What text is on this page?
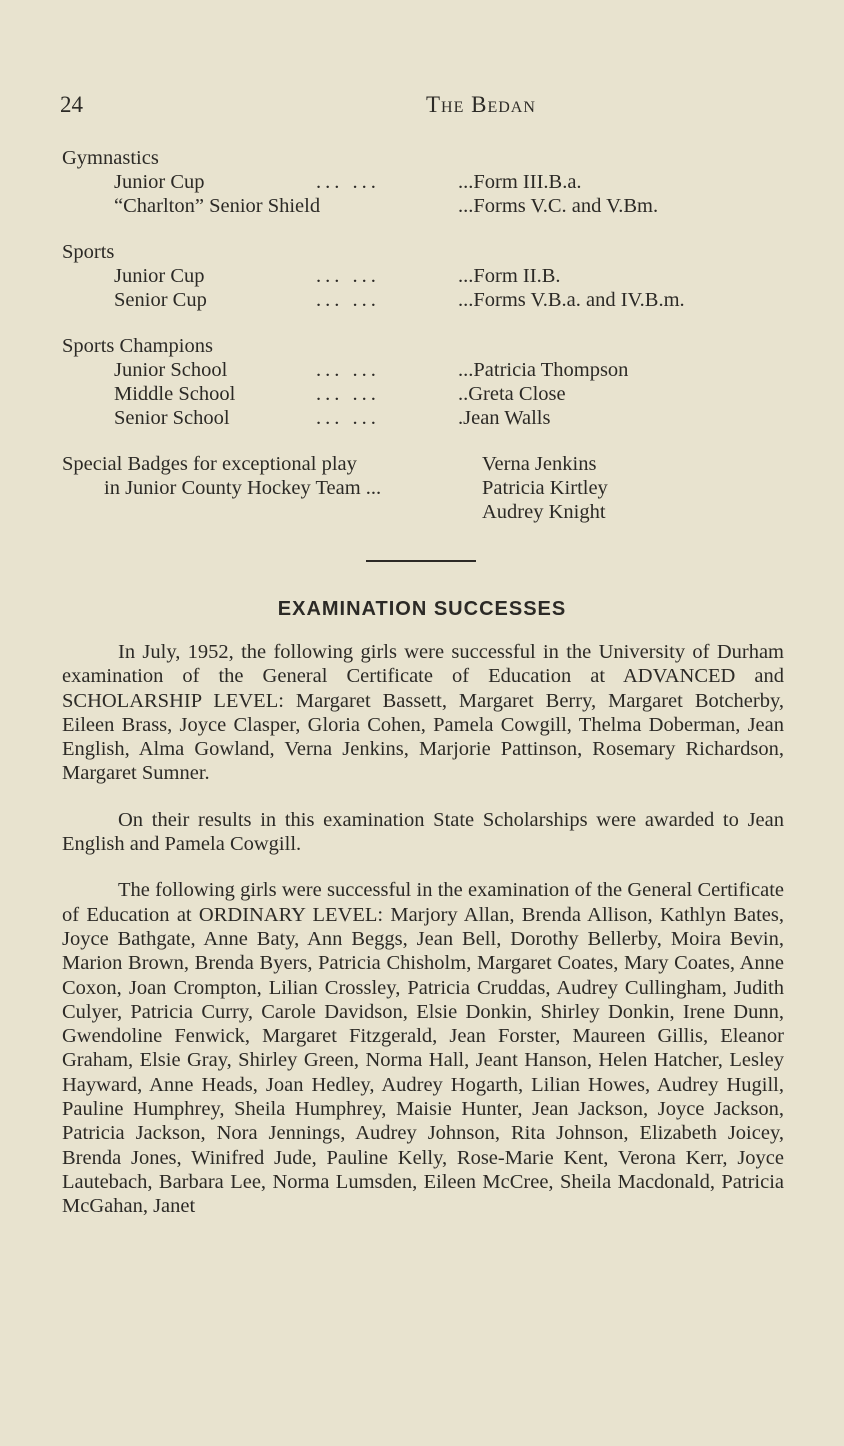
24	The Bedan
Gymnastics
Junior Cup	... ...	...Form III.B.a.
“Charlton” Senior Shield	...Forms V.C. and V.Bm.
Sports
Junior Cup	... ...	...Form II.B.
Senior Cup	... ...	...Forms V.B.a. and IV.B.m.
Sports Champions
Junior School	... ...	...Patricia Thompson
Middle School	... ...	..Greta Close
Senior School	... ...	.Jean Walls
Special Badges for exceptional play
in Junior County Hockey Team ...
Verna Jenkins
Patricia Kirtley
Audrey Knight
EXAMINATION SUCCESSES

In July, 1952, the following girls were successful in the University of Durham examination of the General Certificate of Education at ADVANCED and SCHOLARSHIP LEVEL: Margaret Bassett, Margaret Berry, Margaret Botcherby, Eileen Brass, Joyce Clasper, Gloria Cohen, Pamela Cowgill, Thelma Doberman, Jean English, Alma Gowland, Verna Jenkins, Marjorie Pattinson, Rosemary Richardson, Margaret Sumner.

On their results in this examination State Scholarships were awarded to Jean English and Pamela Cowgill.

The following girls were successful in the examination of the General Certificate of Education at ORDINARY LEVEL: Marjory Allan, Brenda Allison, Kathlyn Bates, Joyce Bathgate, Anne Baty, Ann Beggs, Jean Bell, Dorothy Bellerby, Moira Bevin, Marion Brown, Brenda Byers, Patricia Chisholm, Margaret Coates, Mary Coates, Anne Coxon, Joan Crompton, Lilian Crossley, Patricia Cruddas, Audrey Cullingham, Judith Culyer, Patricia Curry, Carole Davidson, Elsie Donkin, Shirley Donkin, Irene Dunn, Gwendoline Fenwick, Margaret Fitzgerald, Jean Forster, Maureen Gillis, Eleanor Graham, Elsie Gray, Shirley Green, Norma Hall, Jeant Hanson, Helen Hatcher, Lesley Hayward, Anne Heads, Joan Hedley, Audrey Hogarth, Lilian Howes, Audrey Hugill, Pauline Humphrey, Sheila Humphrey, Maisie Hunter, Jean Jackson, Joyce Jackson, Patricia Jackson, Nora Jennings, Audrey Johnson, Rita Johnson, Elizabeth Joicey, Brenda Jones, Winifred Jude, Pauline Kelly, Rose-Marie Kent, Verona Kerr, Joyce Lautebach, Barbara Lee, Norma Lumsden, Eileen McCree, Sheila Macdonald, Patricia McGahan, Janet
